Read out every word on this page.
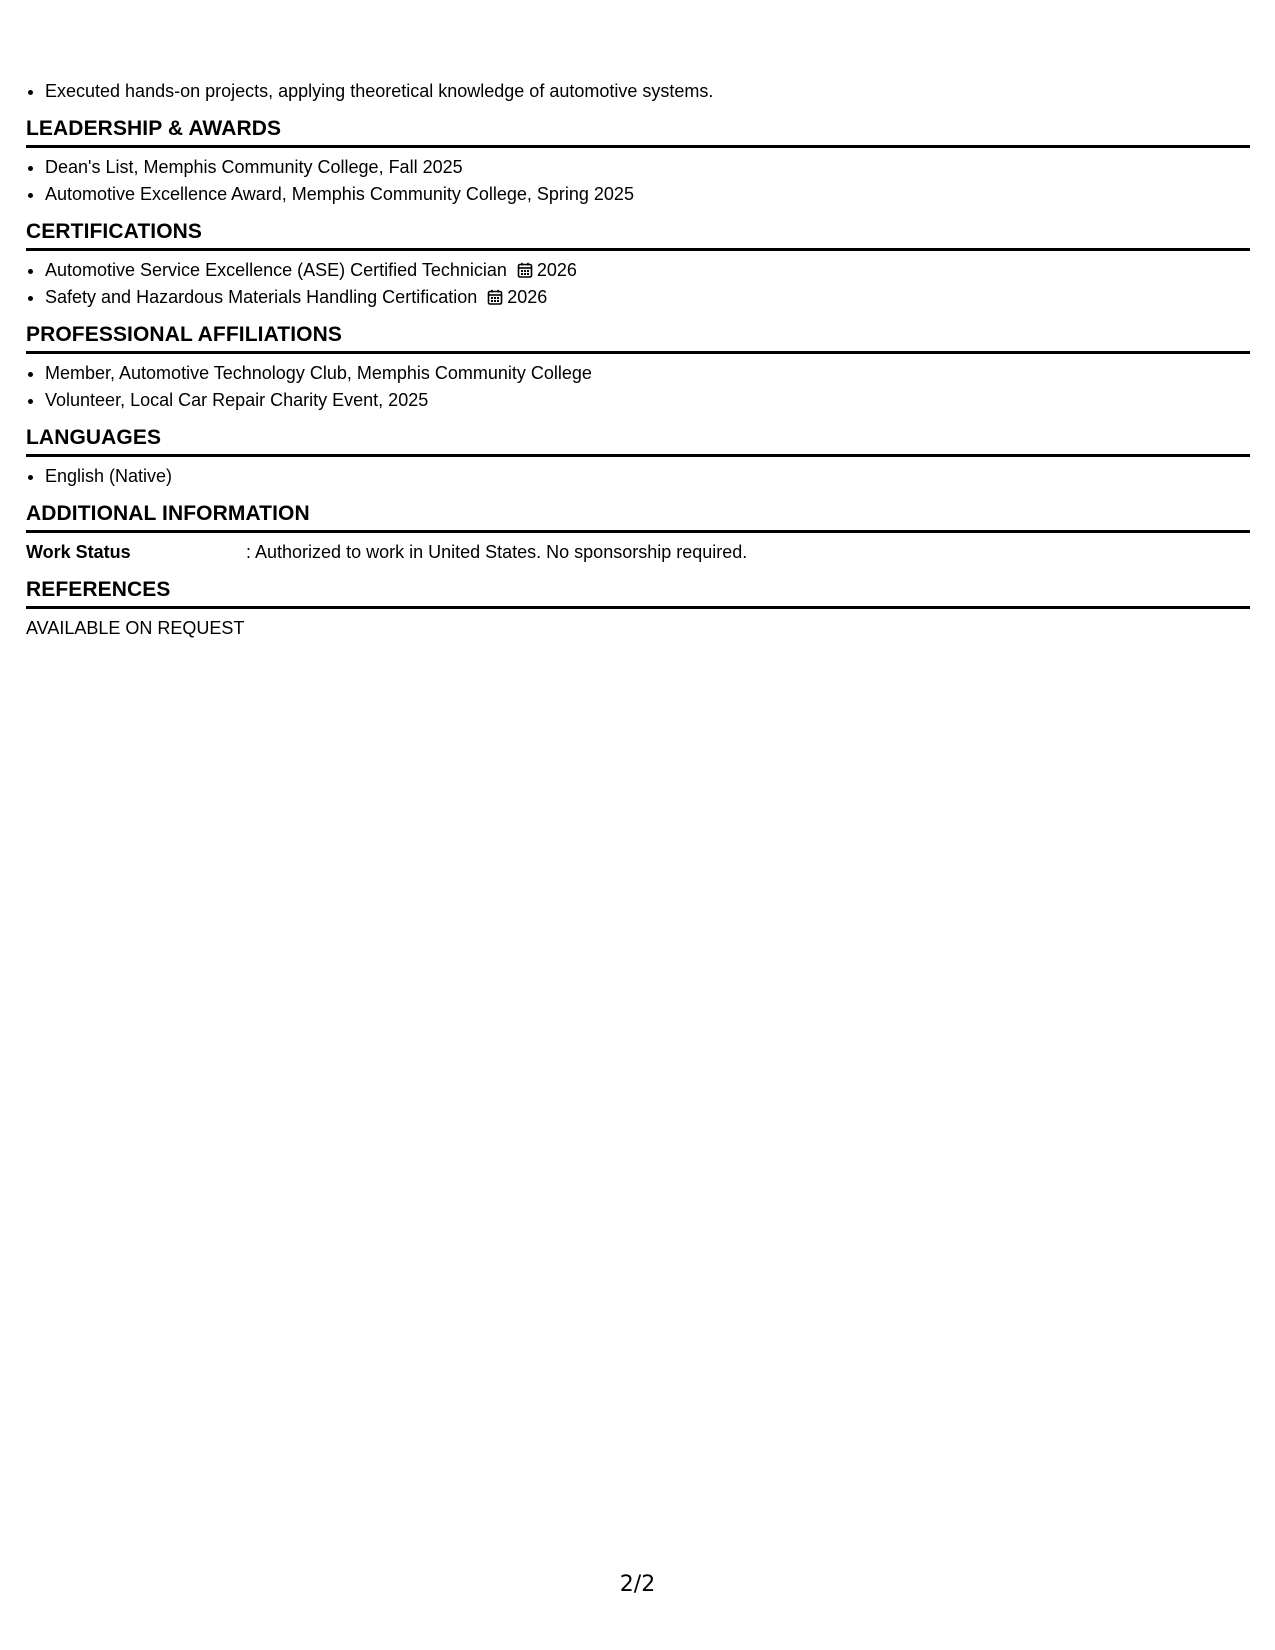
• Executed hands-on projects, applying theoretical knowledge of automotive systems.
LEADERSHIP & AWARDS
• Dean's List, Memphis Community College, Fall 2025
• Automotive Excellence Award, Memphis Community College, Spring 2025
CERTIFICATIONS
• Automotive Service Excellence (ASE) Certified Technician 2026
• Safety and Hazardous Materials Handling Certification 2026
PROFESSIONAL AFFILIATIONS
• Member, Automotive Technology Club, Memphis Community College
• Volunteer, Local Car Repair Charity Event, 2025
LANGUAGES
• English (Native)
ADDITIONAL INFORMATION
Work Status	: Authorized to work in United States. No sponsorship required.
REFERENCES
AVAILABLE ON REQUEST
2/2
